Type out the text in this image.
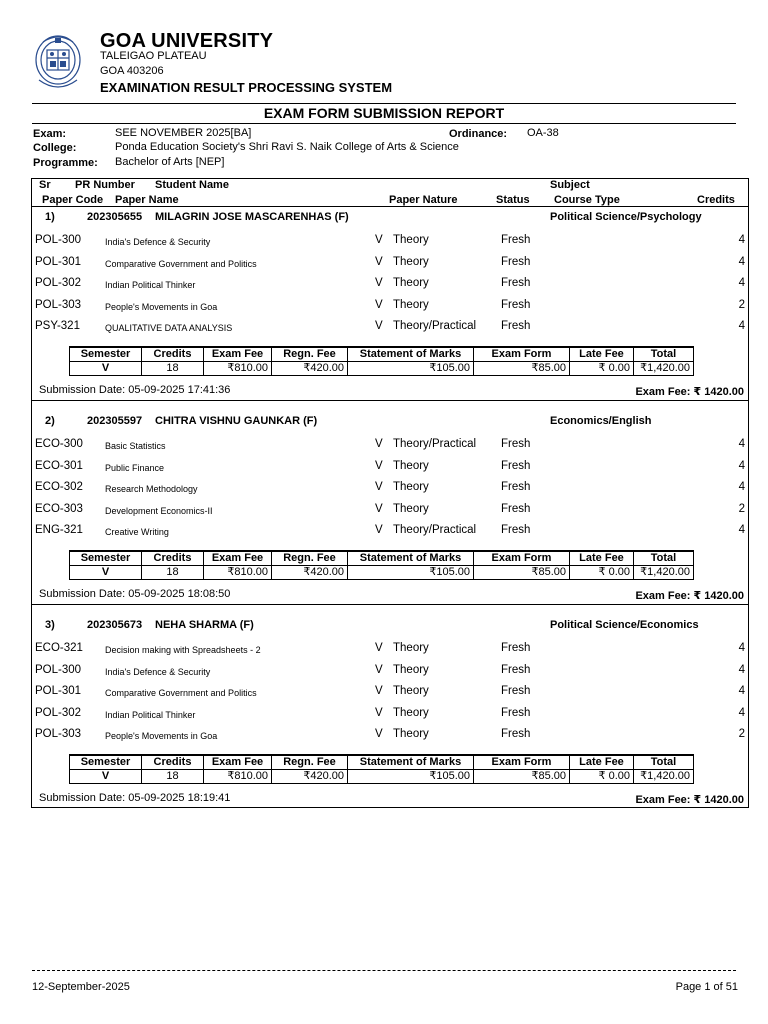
GOA UNIVERSITY
TALEIGAO PLATEAU
GOA 403206
EXAMINATION RESULT PROCESSING SYSTEM
EXAM FORM SUBMISSION REPORT
Exam:	SEE NOVEMBER 2025[BA]	Ordinance: OA-38
College:	Ponda Education Society's Shri Ravi S. Naik College of Arts & Science
Programme: Bachelor of Arts [NEP]
Sr PR Number Student Name	Subject
Paper Code Paper Name	Paper Nature	Status Course Type	Credits
1)	202305655 MILAGRIN JOSE MASCARENHAS (F)	Political Science/Psychology
POL-300	India's Defence & Security	V Theory	Fresh	4
POL-301	Comparative Government and Politics	V Theory	Fresh	4
POL-302	Indian Political Thinker	V Theory	Fresh	4
POL-303	People's Movements in Goa	V Theory	Fresh	2
PSY-321	QUALITATIVE DATA ANALYSIS	V Theory/Practical Fresh	4
Semester	Credits	Exam Fee	Regn. Fee	Statement of Marks	Exam Form	Late Fee	Total
V	18	₹810.00	₹420.00	₹105.00	₹85.00	₹ 0.00	₹1,420.00
Submission Date: 05-09-2025 17:41:36	Exam Fee: ₹ 1420.00
2)	202305597 CHITRA VISHNU GAUNKAR (F)	Economics/English
ECO-300 Basic Statistics	V Theory/Practical Fresh	4
ECO-301 Public Finance	V Theory	Fresh	4
ECO-302 Research Methodology	V Theory	Fresh	4
ECO-303 Development Economics-II	V Theory	Fresh	2
ENG-321 Creative Writing	V Theory/Practical Fresh	4
Semester	Credits	Exam Fee	Regn. Fee	Statement of Marks	Exam Form	Late Fee	Total
V	18	₹810.00	₹420.00	₹105.00	₹85.00	₹ 0.00	₹1,420.00
Submission Date: 05-09-2025 18:08:50	Exam Fee: ₹ 1420.00
3)	202305673 NEHA SHARMA (F)	Political Science/Economics
ECO-321 Decision making with Spreadsheets - 2	V Theory	Fresh	4
POL-300	India's Defence & Security	V Theory	Fresh	4
POL-301	Comparative Government and Politics	V Theory	Fresh	4
POL-302	Indian Political Thinker	V Theory	Fresh	4
POL-303	People's Movements in Goa	V Theory	Fresh	2
Semester	Credits	Exam Fee	Regn. Fee	Statement of Marks	Exam Form	Late Fee	Total
V	18	₹810.00	₹420.00	₹105.00	₹85.00	₹ 0.00	₹1,420.00
Submission Date: 05-09-2025 18:19:41	Exam Fee: ₹ 1420.00
12-September-2025	Page 1 of 51
